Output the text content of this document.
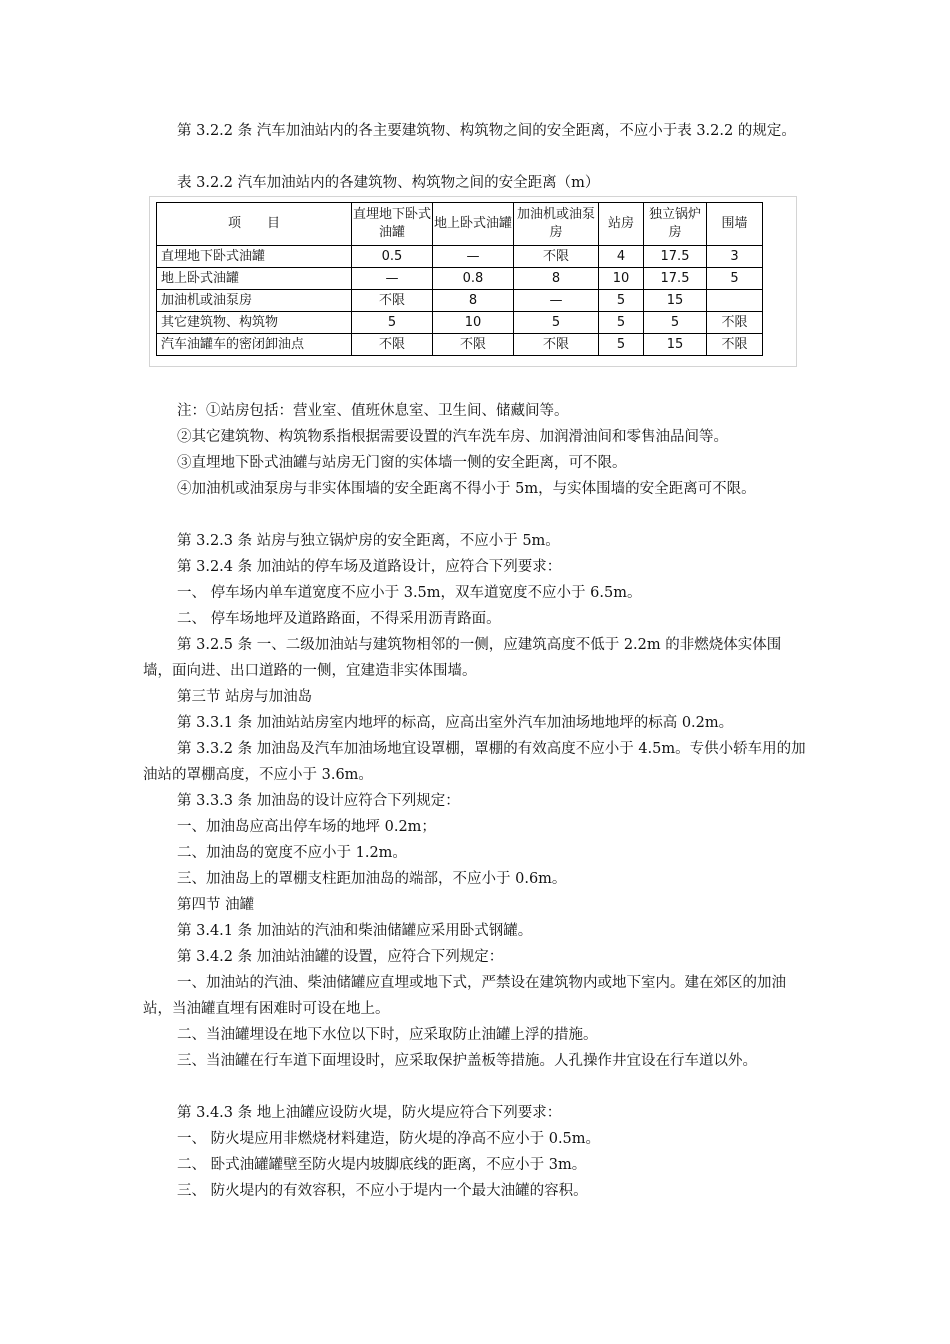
第 3.2.2 条 汽车加油站内的各主要建筑物、构筑物之间的安全距离，不应小于表 3.2.2 的规定。

表 3.2.2 汽车加油站内的各建筑物、构筑物之间的安全距离（m）
项　　目	直埋地下卧式油罐	地上卧式油罐	加油机或油泵房	站房	独立锅炉房	围墙
直埋地下卧式油罐	0.5	—	不限	4	17.5	3
地上卧式油罐	—	0.8	8	10	17.5	5
加油机或油泵房	不限	8	—	5	15	
其它建筑物、构筑物	5	10	5	5	5	不限
汽车油罐车的密闭卸油点	不限	不限	不限	5	15	不限

注：①站房包括：营业室、值班休息室、卫生间、储藏间等。

②其它建筑物、构筑物系指根据需要设置的汽车洗车房、加润滑油间和零售油品间等。

③直埋地下卧式油罐与站房无门窗的实体墙一侧的安全距离，可不限。

④加油机或油泵房与非实体围墙的安全距离不得小于 5m，与实体围墙的安全距离可不限。

第 3.2.3 条 站房与独立锅炉房的安全距离，不应小于 5m。

第 3.2.4 条 加油站的停车场及道路设计，应符合下列要求：

一、 停车场内单车道宽度不应小于 3.5m，双车道宽度不应小于 6.5m。

二、 停车场地坪及道路路面，不得采用沥青路面。

第 3.2.5 条 一、二级加油站与建筑物相邻的一侧，应建筑高度不低于 2.2m 的非燃烧体实体围墙，面向进、出口道路的一侧，宜建造非实体围墙。

第三节 站房与加油岛

第 3.3.1 条 加油站站房室内地坪的标高，应高出室外汽车加油场地地坪的标高 0.2m。

第 3.3.2 条 加油岛及汽车加油场地宜设罩棚，罩棚的有效高度不应小于 4.5m。专供小轿车用的加油站的罩棚高度，不应小于 3.6m。

第 3.3.3 条 加油岛的设计应符合下列规定：

一、加油岛应高出停车场的地坪 0.2m；

二、加油岛的宽度不应小于 1.2m。

三、加油岛上的罩棚支柱距加油岛的端部，不应小于 0.6m。

第四节 油罐

第 3.4.1 条 加油站的汽油和柴油储罐应采用卧式钢罐。

第 3.4.2 条 加油站油罐的设置，应符合下列规定：

一、加油站的汽油、柴油储罐应直埋或地下式，严禁设在建筑物内或地下室内。建在郊区的加油站，当油罐直埋有困难时可设在地上。

二、当油罐埋设在地下水位以下时，应采取防止油罐上浮的措施。

三、当油罐在行车道下面埋设时，应采取保护盖板等措施。人孔操作井宜设在行车道以外。

第 3.4.3 条 地上油罐应设防火堤，防火堤应符合下列要求：

一、 防火堤应用非燃烧材料建造，防火堤的净高不应小于 0.5m。

二、 卧式油罐罐壁至防火堤内坡脚底线的距离，不应小于 3m。

三、 防火堤内的有效容积，不应小于堤内一个最大油罐的容积。
